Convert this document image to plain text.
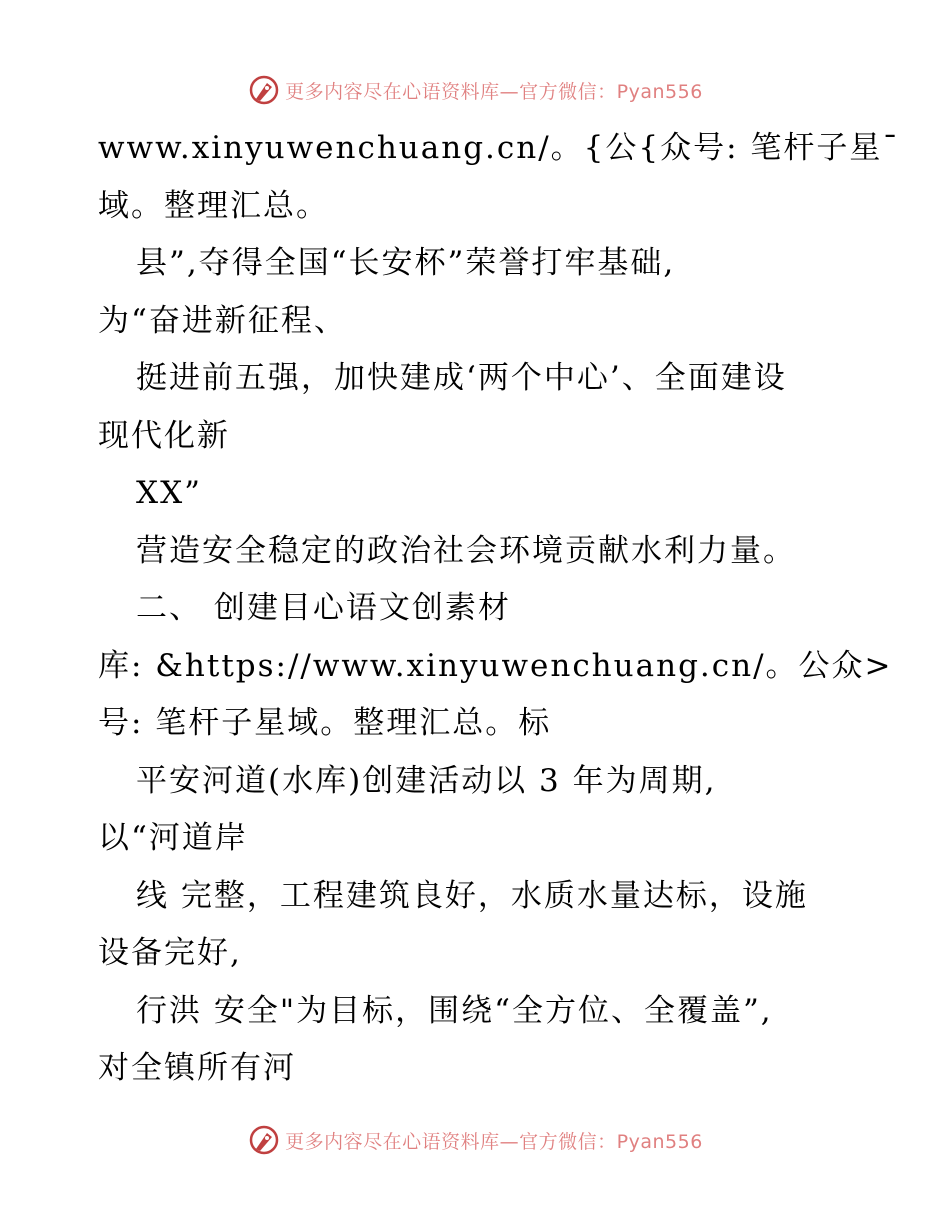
更多内容尽在心语资料库—官方微信：Pyan556
www.xinyuwenchuang.cn/。{公{众号: 笔杆子星¯
域。整理汇总。
县”,夺得全国“长安杯”荣誉打牢基础,
为“奋进新征程、
挺进前五强，加快建成‘两个中心’、全面建设
现代化新
XX”
营造安全稳定的政治社会环境贡献水利力量。
二、 创建目心语文创素材
库: &https://www.xinyuwenchuang.cn/。公众>
号: 笔杆子星域。整理汇总。标
平安河道(水库)创建活动以 3 年为周期,
以“河道岸
线 完整，工程建筑良好，水质水量达标，设施
设备完好,
行洪 安全"为目标，围绕“全方位、全覆盖”,
对全镇所有河
更多内容尽在心语资料库—官方微信：Pyan556
